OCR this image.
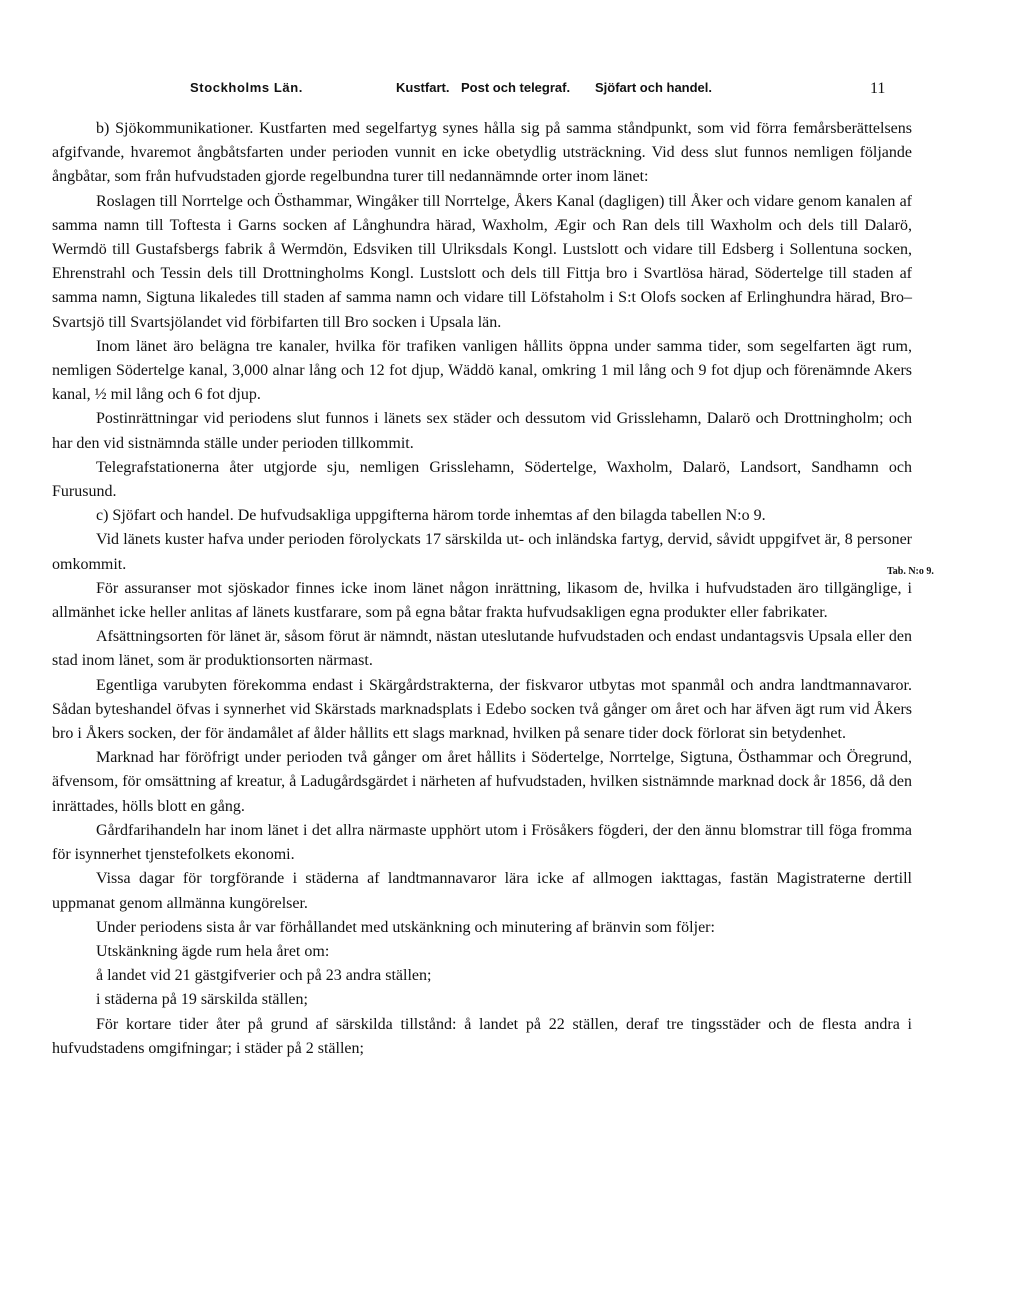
Stockholms Län.	Kustfart. Post och telegraf. Sjöfart och handel.	11

b) Sjökommunikationer. Kustfarten med segelfartyg synes hålla sig på samma ståndpunkt, som vid förra femårsberättelsens afgifvande, hvaremot ångbåtsfarten under perioden vunnit en icke obetydlig utsträckning. Vid dess slut funnos nemligen följande ångbåtar, som från hufvudstaden gjorde regelbundna turer till nedannämnde orter inom länet:

Roslagen till Norrtelge och Östhammar, Wingåker till Norrtelge, Åkers Kanal (dagligen) till Åker och vidare genom kanalen af samma namn till Toftesta i Garns socken af Långhundra härad, Waxholm, Ægir och Ran dels till Waxholm och dels till Dalarö, Wermdö till Gustafsbergs fabrik å Wermdön, Edsviken till Ulriksdals Kongl. Lustslott och vidare till Edsberg i Sollentuna socken, Ehrenstrahl och Tessin dels till Drottningholms Kongl. Lustslott och dels till Fittja bro i Svartlösa härad, Södertelge till staden af samma namn, Sigtuna likaledes till staden af samma namn och vidare till Löfstaholm i S:t Olofs socken af Erlinghundra härad, Bro–Svartsjö till Svartsjölandet vid förbifarten till Bro socken i Upsala län.

Inom länet äro belägna tre kanaler, hvilka för trafiken vanligen hållits öppna under samma tider, som segelfarten ägt rum, nemligen Södertelge kanal, 3,000 alnar lång och 12 fot djup, Wäddö kanal, omkring 1 mil lång och 9 fot djup och förenämnde Akers kanal, ½ mil lång och 6 fot djup.

Postinrättningar vid periodens slut funnos i länets sex städer och dessutom vid Grisslehamn, Dalarö och Drottningholm; och har den vid sistnämnda ställe under perioden tillkommit.

Telegrafstationerna åter utgjorde sju, nemligen Grisslehamn, Södertelge, Waxholm, Dalarö, Landsort, Sandhamn och Furusund.

c) Sjöfart och handel. De hufvudsakliga uppgifterna härom torde inhemtas af den bilagda tabellen N:o 9.

Vid länets kuster hafva under perioden förolyckats 17 särskilda ut- och inländska fartyg, dervid, såvidt uppgifvet är, 8 personer omkommit.

För assuranser mot sjöskador finnes icke inom länet någon inrättning, likasom de, hvilka i hufvudstaden äro tillgänglige, i allmänhet icke heller anlitas af länets kustfarare, som på egna båtar frakta hufvudsakligen egna produkter eller fabrikater.

Afsättningsorten för länet är, såsom förut är nämndt, nästan uteslutande hufvudstaden och endast undantagsvis Upsala eller den stad inom länet, som är produktionsorten närmast.

Egentliga varubyten förekomma endast i Skärgårdstrakterna, der fiskvaror utbytas mot spanmål och andra landtmannavaror. Sådan byteshandel öfvas i synnerhet vid Skärstads marknadsplats i Edebo socken två gånger om året och har äfven ägt rum vid Åkers bro i Åkers socken, der för ändamålet af ålder hållits ett slags marknad, hvilken på senare tider dock förlorat sin betydenhet.

Marknad har föröfrigt under perioden två gånger om året hållits i Södertelge, Norrtelge, Sigtuna, Östhammar och Öregrund, äfvensom, för omsättning af kreatur, å Ladugårdsgärdet i närheten af hufvudstaden, hvilken sistnämnde marknad dock år 1856, då den inrättades, hölls blott en gång.

Gårdfarihandeln har inom länet i det allra närmaste upphört utom i Frösåkers fögderi, der den ännu blomstrar till föga fromma för isynnerhet tjenstefolkets ekonomi.

Vissa dagar för torgförande i städerna af landtmannavaror lära icke af allmogen iakttagas, fastän Magistraterne dertill uppmanat genom allmänna kungörelser.

Under periodens sista år var förhållandet med utskänkning och minutering af bränvin som följer:

Utskänkning ägde rum hela året om:

å landet vid 21 gästgifverier och på 23 andra ställen;

i städerna på 19 särskilda ställen;

För kortare tider åter på grund af särskilda tillstånd: å landet på 22 ställen, deraf tre tingsstäder och de flesta andra i hufvudstadens omgifningar; i städer på 2 ställen;

Tab. N:o 9.
